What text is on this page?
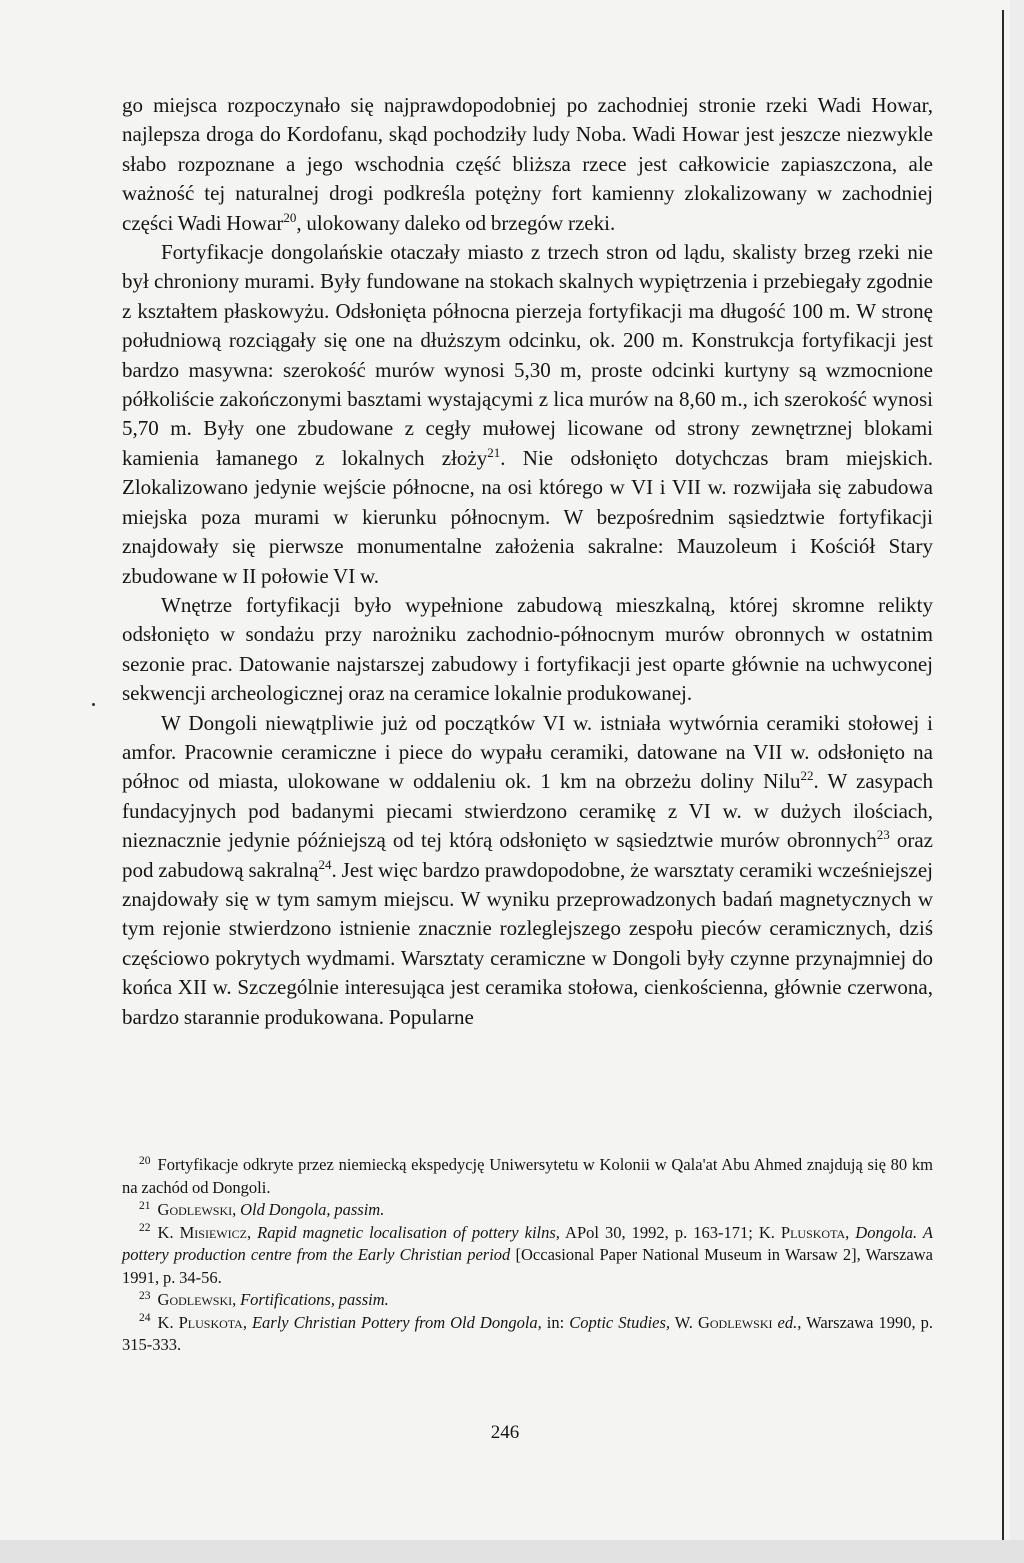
go miejsca rozpoczynało się najprawdopodobniej po zachodniej stronie rzeki Wadi Howar, najlepsza droga do Kordofanu, skąd pochodziły ludy Noba. Wadi Howar jest jeszcze niezwykle słabo rozpoznane a jego wschodnia część bliższa rzece jest całkowicie zapiaszczona, ale ważność tej naturalnej drogi podkreśla potężny fort kamienny zlokalizowany w zachodniej części Wadi Howar$^{20}$, ulokowany daleko od brzegów rzeki.

Fortyfikacje dongolańskie otaczały miasto z trzech stron od lądu, skalisty brzeg rzeki nie był chroniony murami. Były fundowane na stokach skalnych wypiętrzenia i przebiegały zgodnie z kształtem płaskowyżu. Odsłonięta północna pierzeja fortyfikacji ma długość 100 m. W stronę południową rozciągały się one na dłuższym odcinku, ok. 200 m. Konstrukcja fortyfikacji jest bardzo masywna: szerokość murów wynosi 5,30 m, proste odcinki kurtyny są wzmocnione półkoliście zakończonymi basztami wystającymi z lica murów na 8,60 m., ich szerokość wynosi 5,70 m. Były one zbudowane z cegły mułowej licowane od strony zewnętrznej blokami kamienia łamanego z lokalnych złoży$^{21}$. Nie odsłonięto dotychczas bram miejskich. Zlokalizowano jedynie wejście północne, na osi którego w VI i VII w. rozwijała się zabudowa miejska poza murami w kierunku północnym. W bezpośrednim sąsiedztwie fortyfikacji znajdowały się pierwsze monumentalne założenia sakralne: Mauzoleum i Kościół Stary zbudowane w II połowie VI w.

Wnętrze fortyfikacji było wypełnione zabudową mieszkalną, której skromne relikty odsłonięto w sondażu przy narożniku zachodnio-północnym murów obronnych w ostatnim sezonie prac. Datowanie najstarszej zabudowy i fortyfikacji jest oparte głównie na uchwyconej sekwencji archeologicznej oraz na ceramice lokalnie produkowanej.

W Dongoli niewątpliwie już od początków VI w. istniała wytwórnia ceramiki stołowej i amfor. Pracownie ceramiczne i piece do wypału ceramiki, datowane na VII w. odsłonięto na północ od miasta, ulokowane w oddaleniu ok. 1 km na obrzeżu doliny Nilu$^{22}$. W zasypach fundacyjnych pod badanymi piecami stwierdzono ceramikę z VI w. w dużych ilościach, nieznacznie jedynie późniejszą od tej którą odsłonięto w sąsiedztwie murów obronnych$^{23}$ oraz pod zabudową sakralną$^{24}$. Jest więc bardzo prawdopodobne, że warsztaty ceramiki wcześniejszej znajdowały się w tym samym miejscu. W wyniku przeprowadzonych badań magnetycznych w tym rejonie stwierdzono istnienie znacznie rozleglejszego zespołu pieców ceramicznych, dziś częściowo pokrytych wydmami. Warsztaty ceramiczne w Dongoli były czynne przynajmniej do końca XII w. Szczególnie interesująca jest ceramika stołowa, cienkościenna, głównie czerwona, bardzo starannie produkowana. Popularne

$^{20}$ Fortyfikacje odkryte przez niemiecką ekspedycję Uniwersytetu w Kolonii w Qala'at Abu Ahmed znajdują się 80 km na zachód od Dongoli.

$^{21}$ Godlewski, Old Dongola, passim.

$^{22}$ K. Misiewicz, Rapid magnetic localisation of pottery kilns, APol 30, 1992, p. 163-171; K. Pluskota, Dongola. A pottery production centre from the Early Christian period [Occasional Paper National Museum in Warsaw 2], Warszawa 1991, p. 34-56.

$^{23}$ Godlewski, Fortifications, passim.

$^{24}$ K. Pluskota, Early Christian Pottery from Old Dongola, in: Coptic Studies, W. Godlewski ed., Warszawa 1990, p. 315-333.

246
